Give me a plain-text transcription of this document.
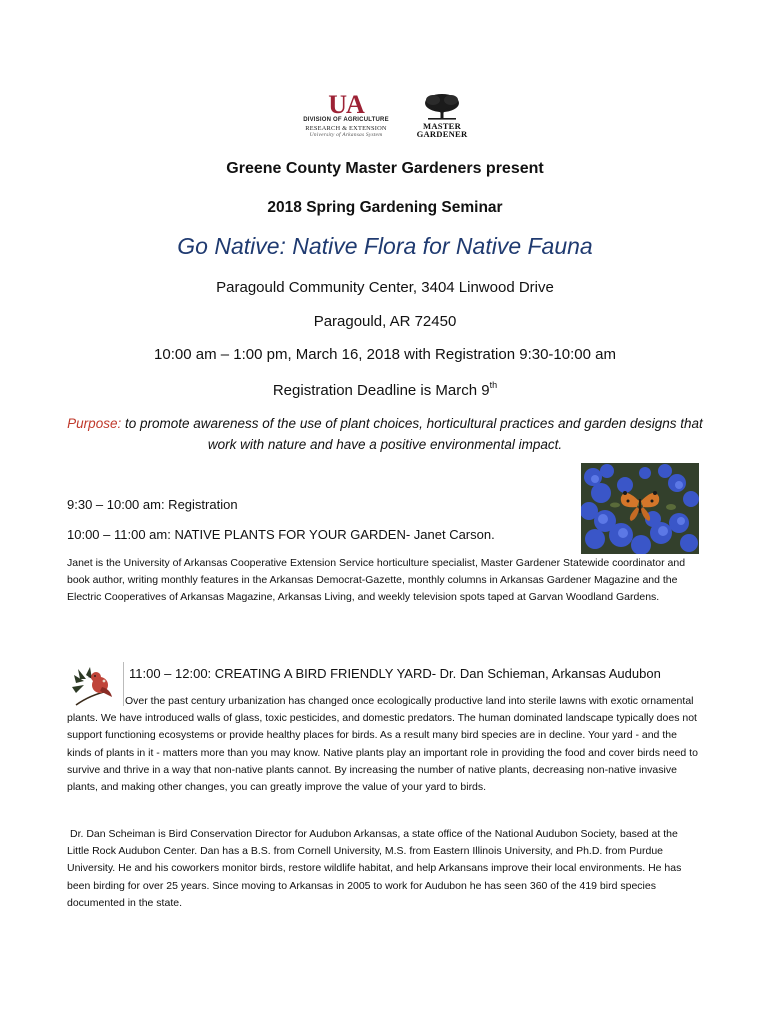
UA
DIVISION OF AGRICULTURE
RESEARCH & EXTENSION
University of Arkansas System
MASTER
GARDENER
Greene County Master Gardeners present
2018 Spring Gardening Seminar
Go Native: Native Flora for Native Fauna
Paragould Community Center, 3404 Linwood Drive
Paragould, AR 72450
10:00 am – 1:00 pm, March 16, 2018 with Registration 9:30-10:00 am
Registration Deadline is March 9th
Purpose: to promote awareness of the use of plant choices, horticultural practices and garden designs that work with nature and have a positive environmental impact.
9:30 – 10:00 am: Registration
10:00 – 11:00 am: NATIVE PLANTS FOR YOUR GARDEN- Janet Carson.
Janet is the University of Arkansas Cooperative Extension Service horticulture specialist, Master Gardener Statewide coordinator and book author, writing monthly features in the Arkansas Democrat-Gazette, monthly columns in Arkansas Gardener Magazine and the Electric Cooperatives of Arkansas Magazine, Arkansas Living, and weekly television spots taped at Garvan Woodland Gardens.
11:00 – 12:00: CREATING A BIRD FRIENDLY YARD- Dr. Dan Schieman, Arkansas Audubon
Over the past century urbanization has changed once ecologically productive land into sterile lawns with exotic ornamental plants. We have introduced walls of glass, toxic pesticides, and domestic predators. The human dominated landscape typically does not support functioning ecosystems or provide healthy places for birds. As a result many bird species are in decline. Your yard - and the kinds of plants in it - matters more than you may know. Native plants play an important role in providing the food and cover birds need to survive and thrive in a way that non-native plants cannot. By increasing the number of native plants, decreasing non-native invasive plants, and making other changes, you can greatly improve the value of your yard to birds.
Dr. Dan Scheiman is Bird Conservation Director for Audubon Arkansas, a state office of the National Audubon Society, based at the Little Rock Audubon Center. Dan has a B.S. from Cornell University, M.S. from Eastern Illinois University, and Ph.D. from Purdue University. He and his coworkers monitor birds, restore wildlife habitat, and help Arkansans improve their local environments. He has been birding for over 25 years. Since moving to Arkansas in 2005 to work for Audubon he has seen 360 of the 419 bird species documented in the state.
